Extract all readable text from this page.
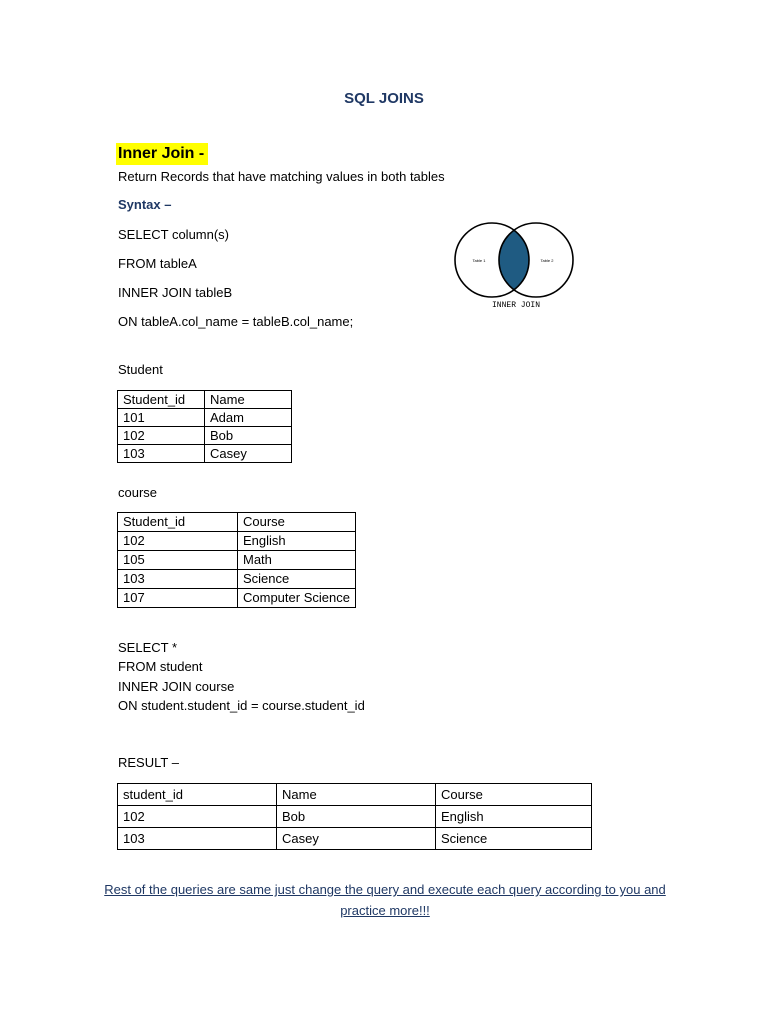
SQL JOINS
Inner Join -
Return Records that have matching values in both tables
Syntax –
SELECT column(s)
FROM tableA
INNER JOIN tableB
ON tableA.col_name = tableB.col_name;
Table 1	Table 2
INNER JOIN
Student
Student_id	Name
101	Adam
102	Bob
103	Casey
course
Student_id	Course
102	English
105	Math
103	Science
107	Computer Science
SELECT *
FROM student
INNER JOIN course
ON student.student_id = course.student_id
RESULT –
student_id	Name	Course
102	Bob	English
103	Casey	Science
Rest of the queries are same just change the query and execute each query according to you and practice more!!!
